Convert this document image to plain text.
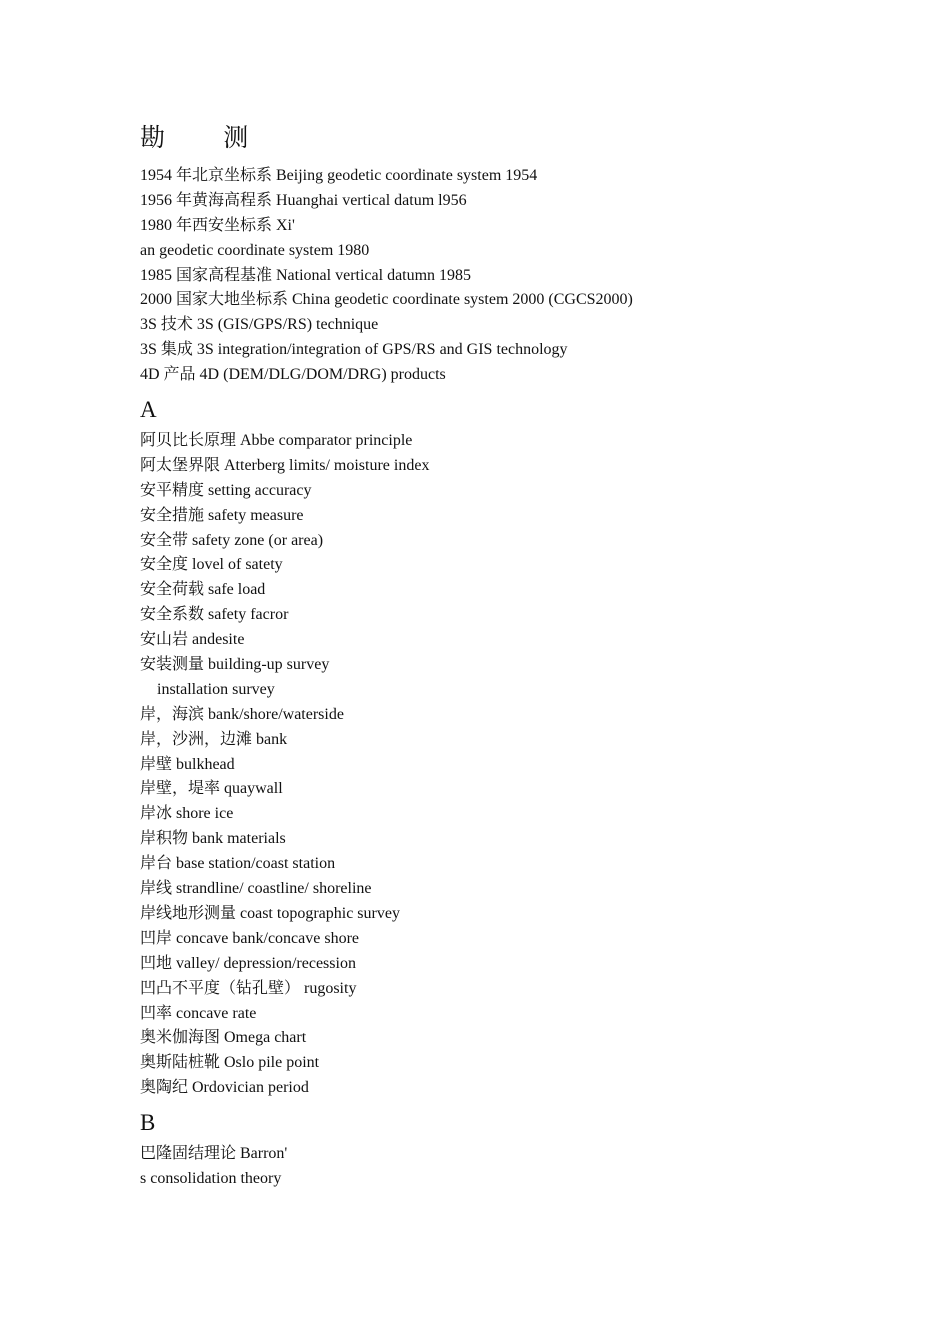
勘 测
1954 年北京坐标系 Beijing geodetic coordinate system 1954
1956 年黄海高程系 Huanghai vertical datum l956
1980 年西安坐标系 Xi'
an geodetic coordinate system 1980
1985 国家高程基准 National vertical datumn 1985
2000 国家大地坐标系 China geodetic coordinate system 2000 (CGCS2000)
3S 技术 3S (GIS/GPS/RS) technique
3S 集成 3S integration/integration of GPS/RS and GIS technology
4D 产品 4D (DEM/DLG/DOM/DRG) products
A
阿贝比长原理 Abbe comparator principle
阿太堡界限 Atterberg limits/ moisture index
安平精度 setting accuracy
安全措施 safety measure
安全带 safety zone (or area)
安全度 lovel of satety
安全荷载 safe load
安全系数 safety facror
安山岩 andesite
安装测量 building-up survey
installation survey
岸，海滨 bank/shore/waterside
岸，沙洲，边滩 bank
岸壁 bulkhead
岸壁，堤率 quaywall
岸冰 shore ice
岸积物 bank materials
岸台 base station/coast station
岸线 strandline/ coastline/ shoreline
岸线地形测量 coast topographic survey
凹岸 concave bank/concave shore
凹地 valley/ depression/recession
凹凸不平度（钻孔壁） rugosity
凹率 concave rate
奥米伽海图 Omega chart
奥斯陆桩靴 Oslo pile point
奥陶纪 Ordovician period
B
巴隆固结理论 Barron'
s consolidation theory
